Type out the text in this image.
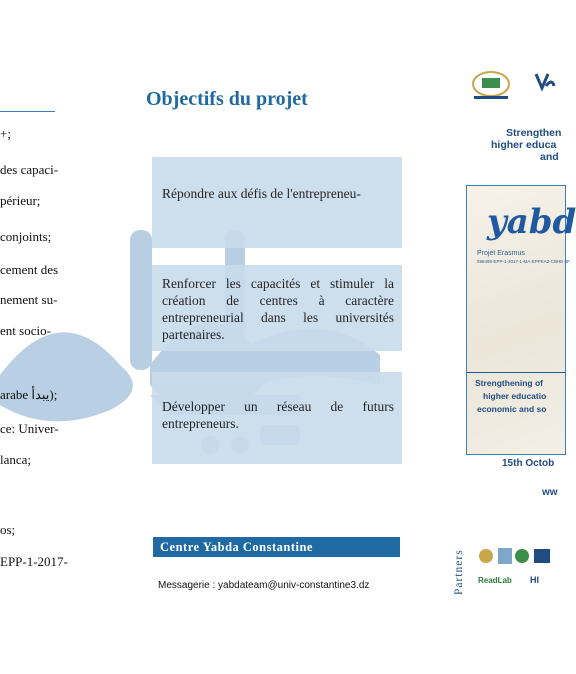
+;
des capaci-
périeur;
conjoints;
cement des
nement su-
ent socio-
arabe يبدأ);
ce: Univer-
lanca;
os;
EPP-1-2017-
Objectifs du projet
Répondre aux défis de l'entrepreneu-
Renforcer les capacités et stimuler la création de centres à caractère entrepreneurial dans les universités partenaires.
Développer un réseau de futurs entrepreneurs.
Centre Yabda Constantine
Messagerie : yabdateam@univ-constantine3.dz
Strengthen
higher educa
and
yabd
Projet Erasmus
598498-EPP-1-2017-1-MA-EPPKA2-CBHE-JP
Strengthening of
higher educatio
economic and so
15th Octob
ww
Partners ReadLab HI
